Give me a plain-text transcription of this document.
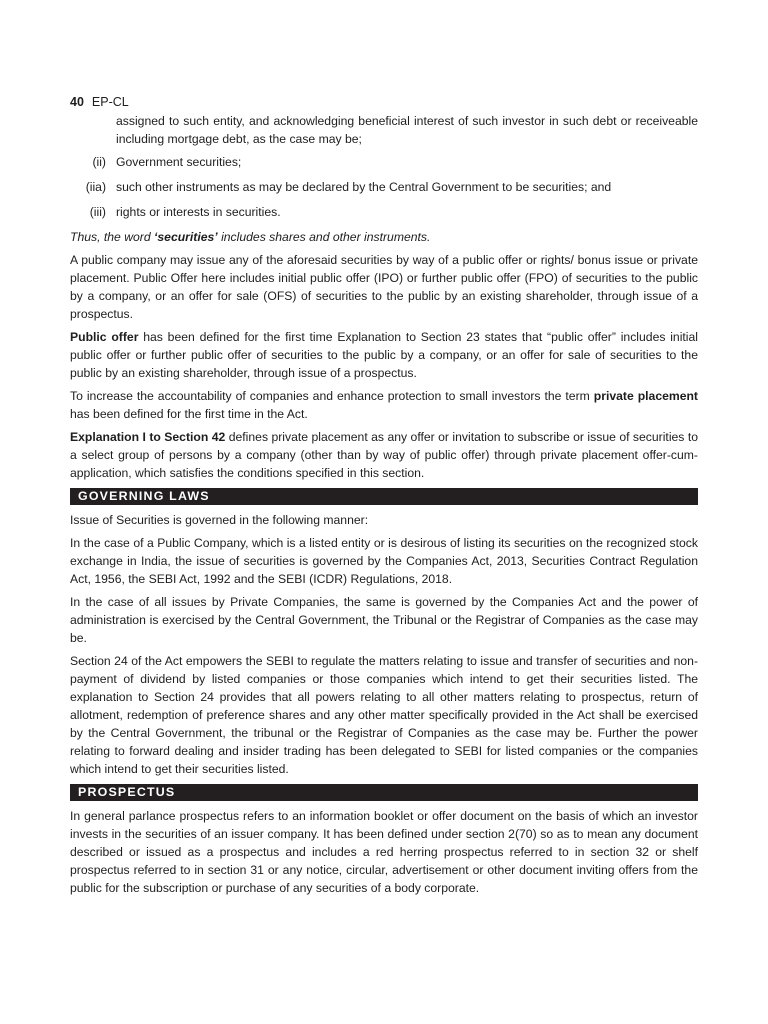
40 EP-CL

assigned to such entity, and acknowledging beneficial interest of such investor in such debt or receiveable including mortgage debt, as the case may be;

(ii) Government securities;
(iia) such other instruments as may be declared by the Central Government to be securities; and
(iii) rights or interests in securities.

Thus, the word ‘securities’ includes shares and other instruments.

A public company may issue any of the aforesaid securities by way of a public offer or rights/ bonus issue or private placement. Public Offer here includes initial public offer (IPO) or further public offer (FPO) of securities to the public by a company, or an offer for sale (OFS) of securities to the public by an existing shareholder, through issue of a prospectus.

Public offer has been defined for the first time Explanation to Section 23 states that “public offer” includes initial public offer or further public offer of securities to the public by a company, or an offer for sale of securities to the public by an existing shareholder, through issue of a prospectus.

To increase the accountability of companies and enhance protection to small investors the term private placement has been defined for the first time in the Act.

Explanation I to Section 42 defines private placement as any offer or invitation to subscribe or issue of securities to a select group of persons by a company (other than by way of public offer) through private placement offer-cum-application, which satisfies the conditions specified in this section.

GOVERNING LAWS

Issue of Securities is governed in the following manner:

In the case of a Public Company, which is a listed entity or is desirous of listing its securities on the recognized stock exchange in India, the issue of securities is governed by the Companies Act, 2013, Securities Contract Regulation Act, 1956, the SEBI Act, 1992 and the SEBI (ICDR) Regulations, 2018.

In the case of all issues by Private Companies, the same is governed by the Companies Act and the power of administration is exercised by the Central Government, the Tribunal or the Registrar of Companies as the case may be.

Section 24 of the Act empowers the SEBI to regulate the matters relating to issue and transfer of securities and non-payment of dividend by listed companies or those companies which intend to get their securities listed. The explanation to Section 24 provides that all powers relating to all other matters relating to prospectus, return of allotment, redemption of preference shares and any other matter specifically provided in the Act shall be exercised by the Central Government, the tribunal or the Registrar of Companies as the case may be. Further the power relating to forward dealing and insider trading has been delegated to SEBI for listed companies or the companies which intend to get their securities listed.

PROSPECTUS

In general parlance prospectus refers to an information booklet or offer document on the basis of which an investor invests in the securities of an issuer company. It has been defined under section 2(70) so as to mean any document described or issued as a prospectus and includes a red herring prospectus referred to in section 32 or shelf prospectus referred to in section 31 or any notice, circular, advertisement or other document inviting offers from the public for the subscription or purchase of any securities of a body corporate.
